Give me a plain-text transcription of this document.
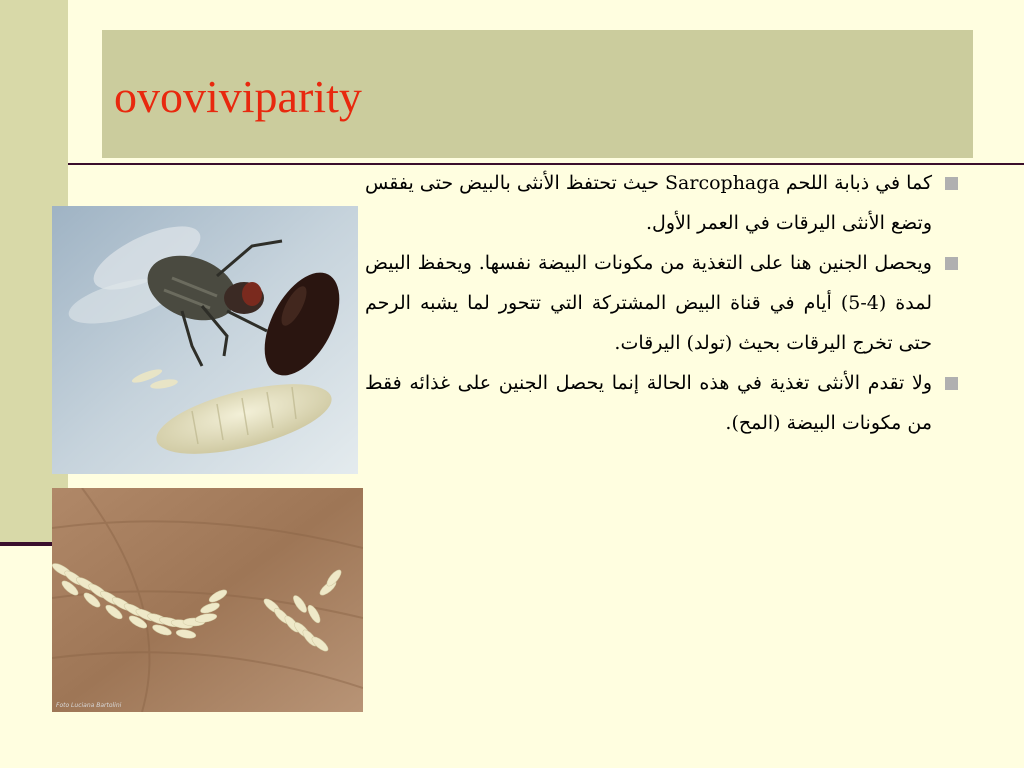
ovoviviparity
كما في ذبابة اللحم Sarcophaga حيث تحتفظ الأنثى بالبيض حتى يفقس وتضع الأنثى اليرقات في العمر الأول.
ويحصل الجنين هنا على التغذية من مكونات البيضة نفسها. ويحفظ البيض لمدة (4-5) أيام في قناة البيض المشتركة التي تتحور لما يشبه الرحم حتى تخرج اليرقات بحيث (تولد) اليرقات.
ولا تقدم الأنثى تغذية في هذه الحالة إنما يحصل الجنين على غذائه فقط من مكونات البيضة (المح).
Foto Luciana Bartolini
